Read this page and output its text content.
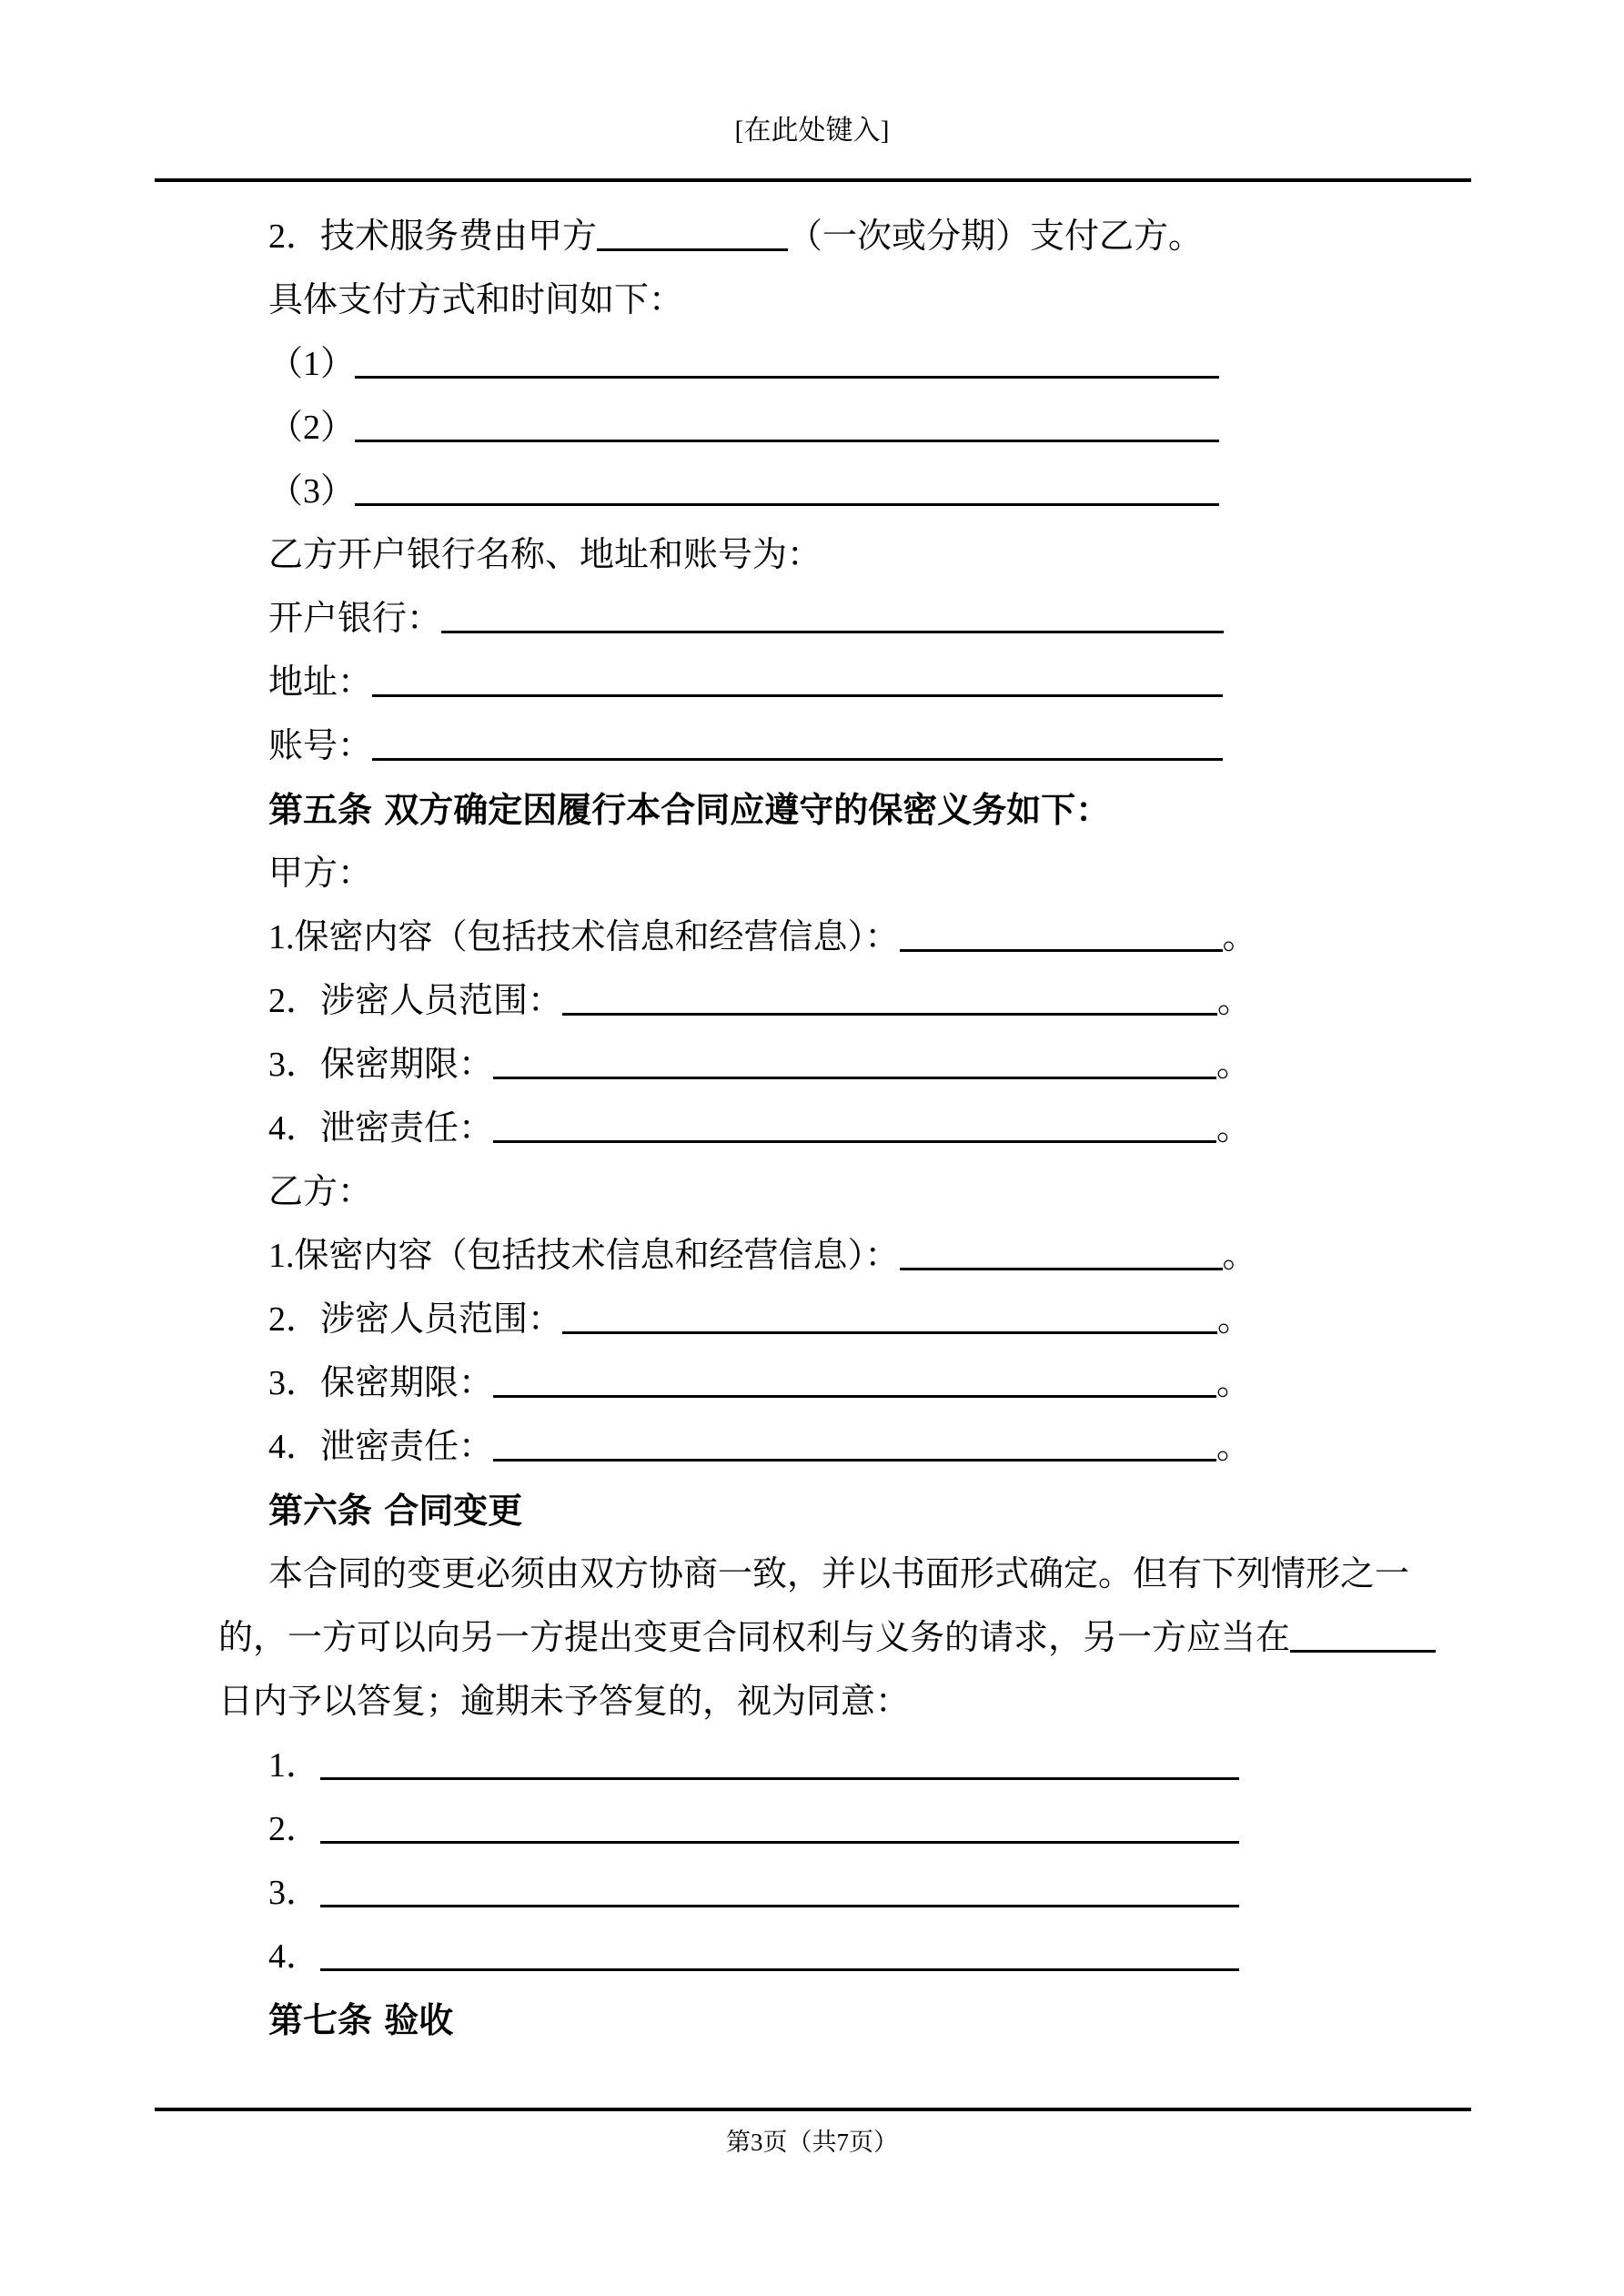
[在此处键入]
2．技术服务费由甲方	（一次或分期）支付乙方。
具体支付方式和时间如下：
（1）
（2）
（3）
乙方开户银行名称、地址和账号为：
开户银行：
地址：
账号：
第五条 双方确定因履行本合同应遵守的保密义务如下：
甲方：
1.保密内容（包括技术信息和经营信息）：	。
2．涉密人员范围：	。
3．保密期限：	。
4．泄密责任：	。
乙方：
1.保密内容（包括技术信息和经营信息）：	。
2．涉密人员范围：	。
3．保密期限：	。
4．泄密责任：	。
第六条 合同变更
本合同的变更必须由双方协商一致，并以书面形式确定。但有下列情形之一
的，一方可以向另一方提出变更合同权利与义务的请求，另一方应当在
日内予以答复；逾期未予答复的，视为同意：
1．
2．
3．
4．
第七条 验收
第3页（共7页）
